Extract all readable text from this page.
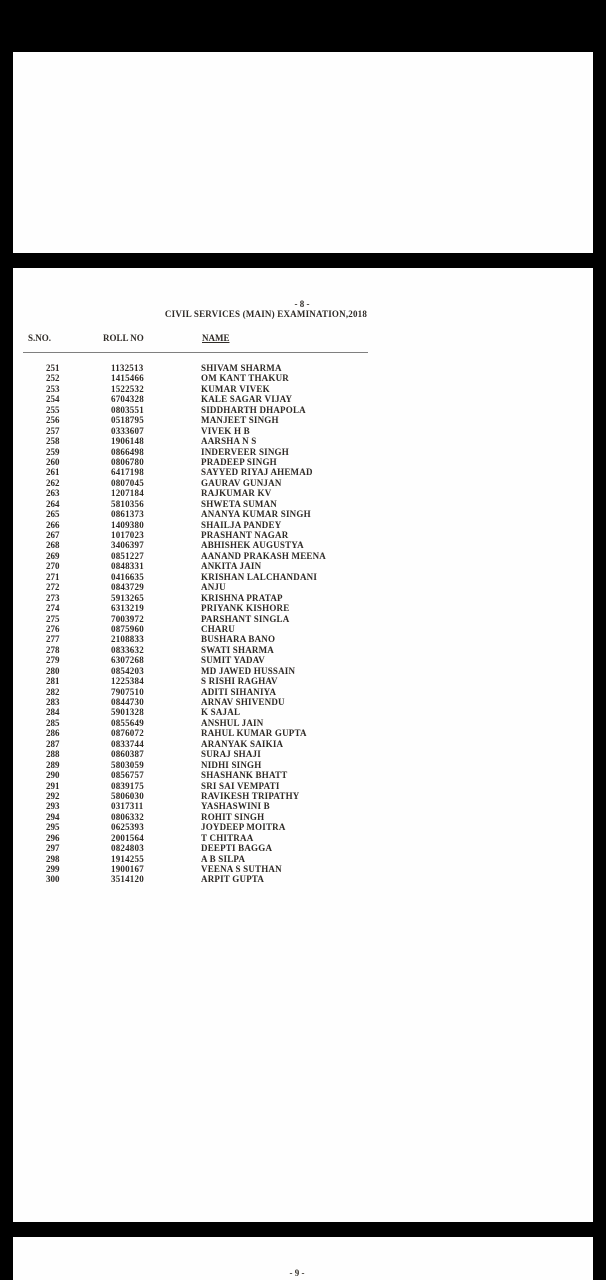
- 8 -
CIVIL SERVICES (MAIN) EXAMINATION,2018
S.NO.	ROLL NO	NAME
251	1132513	SHIVAM SHARMA
252	1415466	OM KANT THAKUR
253	1522532	KUMAR VIVEK
254	6704328	KALE SAGAR VIJAY
255	0803551	SIDDHARTH DHAPOLA
256	0518795	MANJEET SINGH
257	0333607	VIVEK H B
258	1906148	AARSHA N S
259	0866498	INDERVEER SINGH
260	0806780	PRADEEP SINGH
261	6417198	SAYYED RIYAJ AHEMAD
262	0807045	GAURAV GUNJAN
263	1207184	RAJKUMAR KV
264	5810356	SHWETA SUMAN
265	0861373	ANANYA KUMAR SINGH
266	1409380	SHAILJA PANDEY
267	1017023	PRASHANT NAGAR
268	3406397	ABHISHEK AUGUSTYA
269	0851227	AANAND PRAKASH MEENA
270	0848331	ANKITA JAIN
271	0416635	KRISHAN LALCHANDANI
272	0843729	ANJU
273	5913265	KRISHNA PRATAP
274	6313219	PRIYANK KISHORE
275	7003972	PARSHANT SINGLA
276	0875960	CHARU
277	2108833	BUSHARA BANO
278	0833632	SWATI SHARMA
279	6307268	SUMIT YADAV
280	0854203	MD JAWED HUSSAIN
281	1225384	S RISHI RAGHAV
282	7907510	ADITI SIHANIYA
283	0844730	ARNAV SHIVENDU
284	5901328	K SAJAL
285	0855649	ANSHUL JAIN
286	0876072	RAHUL KUMAR GUPTA
287	0833744	ARANYAK SAIKIA
288	0860387	SURAJ SHAJI
289	5803059	NIDHI SINGH
290	0856757	SHASHANK BHATT
291	0839175	SRI SAI VEMPATI
292	5806030	RAVIKESH TRIPATHY
293	0317311	YASHASWINI B
294	0806332	ROHIT SINGH
295	0625393	JOYDEEP MOITRA
296	2001564	T CHITRAA
297	0824803	DEEPTI BAGGA
298	1914255	A B SILPA
299	1900167	VEENA S SUTHAN
300	3514120	ARPIT GUPTA
- 9 -
